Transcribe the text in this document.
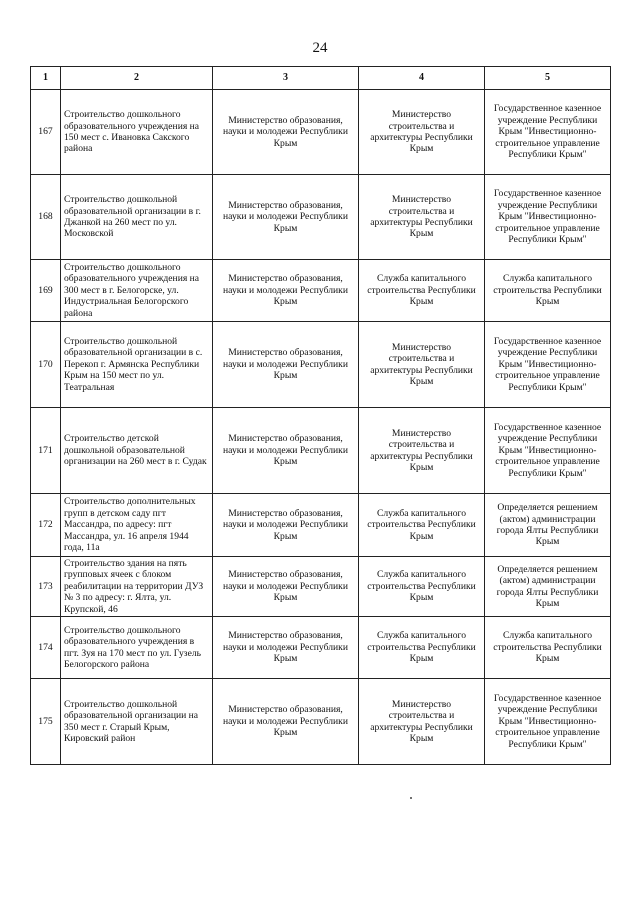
24
1	2	3	4	5
167	Строительство дошкольного образовательного учреждения на 150 мест с. Ивановка Сакского района	Министерство образования, науки и молодежи Республики Крым	Министерство строительства и архитектуры Республики Крым	Государственное казенное учреждение Республики Крым "Инвестиционно-строительное управление Республики Крым"
168	Строительство дошкольной образовательной организации в г. Джанкой на 260 мест по ул. Московской	Министерство образования, науки и молодежи Республики Крым	Министерство строительства и архитектуры Республики Крым	Государственное казенное учреждение Республики Крым "Инвестиционно-строительное управление Республики Крым"
169	Строительство дошкольного образовательного учреждения на 300 мест в г. Белогорске, ул. Индустриальная Белогорского района	Министерство образования, науки и молодежи Республики Крым	Служба капитального строительства Республики Крым	Служба капитального строительства Республики Крым
170	Строительство дошкольной образовательной организации в с. Перекоп г. Армянска Республики Крым на 150 мест по ул. Театральная	Министерство образования, науки и молодежи Республики Крым	Министерство строительства и архитектуры Республики Крым	Государственное казенное учреждение Республики Крым "Инвестиционно-строительное управление Республики Крым"
171	Строительство детской дошкольной образовательной организации на 260 мест в г. Судак	Министерство образования, науки и молодежи Республики Крым	Министерство строительства и архитектуры Республики Крым	Государственное казенное учреждение Республики Крым "Инвестиционно-строительное управление Республики Крым"
172	Строительство дополнительных групп в детском саду пгт Массандра, по адресу: пгт Массандра, ул. 16 апреля 1944 года, 11а	Министерство образования, науки и молодежи Республики Крым	Служба капитального строительства Республики Крым	Определяется решением (актом) администрации города Ялты Республики Крым
173	Строительство здания на пять групповых ячеек с блоком реабилитации на территории ДУЗ № 3 по адресу: г. Ялта, ул. Крупской, 46	Министерство образования, науки и молодежи Республики Крым	Служба капитального строительства Республики Крым	Определяется решением (актом) администрации города Ялты Республики Крым
174	Строительство дошкольного образовательного учреждения в пгт. Зуя на 170 мест по ул. Гузель Белогорского района	Министерство образования, науки и молодежи Республики Крым	Служба капитального строительства Республики Крым	Служба капитального строительства Республики Крым
175	Строительство дошкольной образовательной организации на 350 мест г. Старый Крым, Кировский район	Министерство образования, науки и молодежи Республики Крым	Министерство строительства и архитектуры Республики Крым	Государственное казенное учреждение Республики Крым "Инвестиционно-строительное управление Республики Крым"
